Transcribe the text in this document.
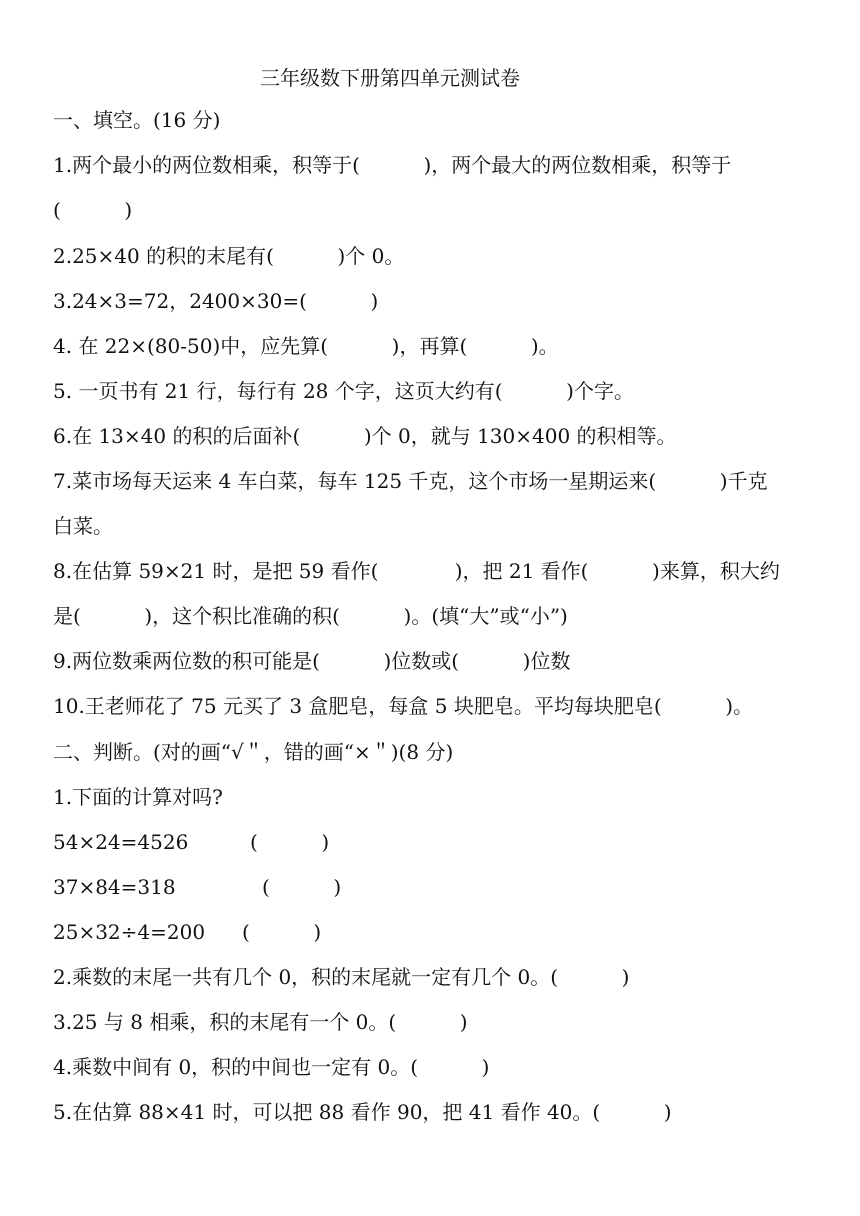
三年级数下册第四单元测试卷
一、填空。(16 分)
1.两个最小的两位数相乘，积等于(          )，两个最大的两位数相乘，积等于
(          )
2.25×40 的积的末尾有(          )个 0。
3.24×3=72，2400×30=(          )
4. 在 22×(80-50)中，应先算(          )，再算(          )。
5. 一页书有 21 行，每行有 28 个字，这页大约有(          )个字。
6.在 13×40 的积的后面补(          )个 0，就与 130×400 的积相等。
7.菜市场每天运来 4 车白菜，每车 125 千克，这个市场一星期运来(          )千克
白菜。
8.在估算 59×21 时，是把 59 看作(            )，把 21 看作(          )来算，积大约
是(          )，这个积比准确的积(          )。(填“大”或“小”)
9.两位数乘两位数的积可能是(          )位数或(          )位数
10.王老师花了 75 元买了 3 盒肥皂，每盒 5 块肥皂。平均每块肥皂(          )。
二、判断。(对的画“√＂，错的画“×＂)(8 分)
1.下面的计算对吗?
54×24=4526	(          )
37×84=318	(          )
25×32÷4=200 (          )
2.乘数的末尾一共有几个 0，积的末尾就一定有几个 0。(          )
3.25 与 8 相乘，积的末尾有一个 0。(          )
4.乘数中间有 0，积的中间也一定有 0。(          )
5.在估算 88×41 时，可以把 88 看作 90，把 41 看作 40。(          )
